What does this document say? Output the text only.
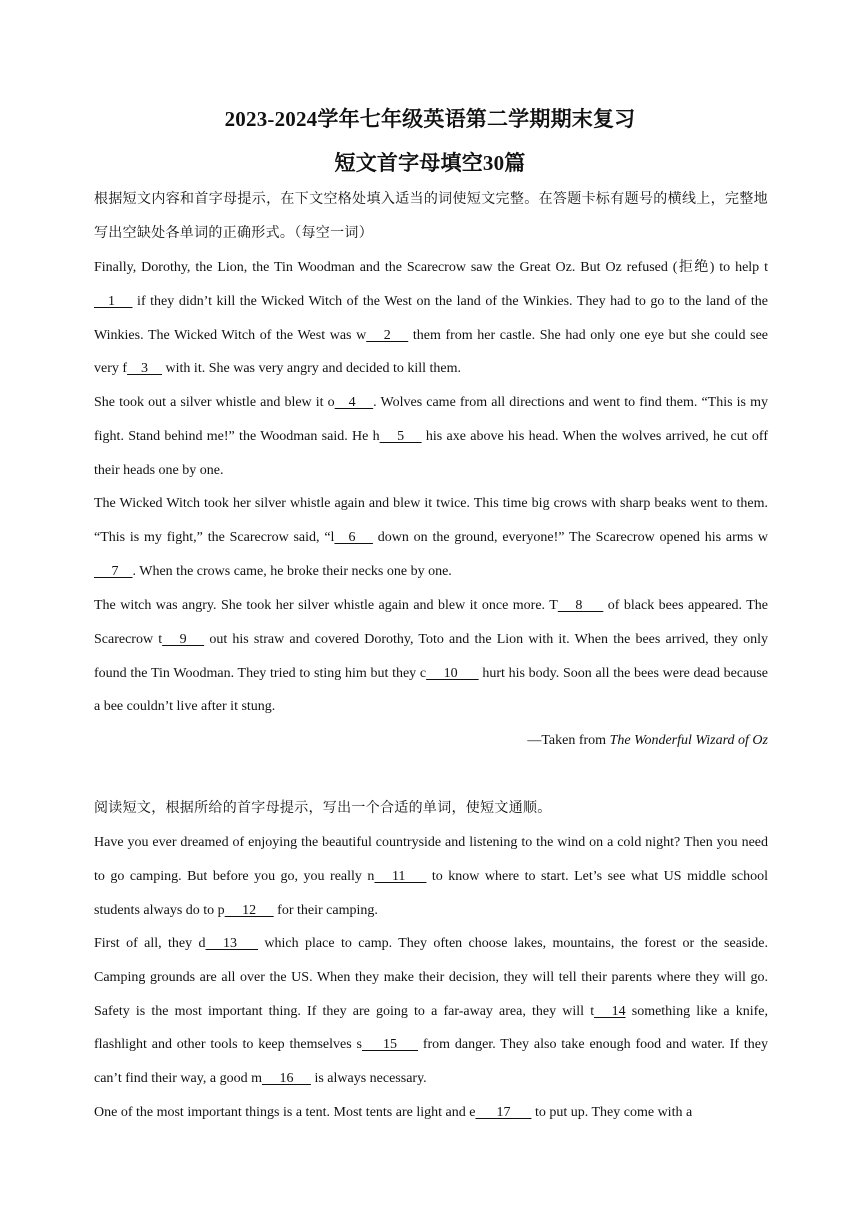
2023-2024学年七年级英语第二学期期末复习
短文首字母填空30篇
根据短文内容和首字母提示，在下文空格处填入适当的词使短文完整。在答题卡标有题号的横线上，完整地写出空缺处各单词的正确形式。（每空一词）
Finally, Dorothy, the Lion, the Tin Woodman and the Scarecrow saw the Great Oz. But Oz refused (拒绝) to help t    1      if they didn’t kill the Wicked Witch of the West on the land of the Winkies. They had to go to the land of the Winkies. The Wicked Witch of the West was w     2      them from her castle. She had only one eye but she could see very f    3     with it. She was very angry and decided to kill them.
She took out a silver whistle and blew it o    4     . Wolves came from all directions and went to find them. “This is my fight. Stand behind me!” the Woodman said. He h     5      his axe above his head. When the wolves arrived, he cut off their heads one by one.
The Wicked Witch took her silver whistle again and blew it twice. This time big crows with sharp beaks went to them. “This is my fight,” the Scarecrow said, “l    6      down on the ground, everyone!” The Scarecrow opened his arms w     7    . When the crows came, he broke their necks one by one.
The witch was angry. She took her silver whistle again and blew it once more. T     8       of black bees appeared. The Scarecrow t     9      out his straw and covered Dorothy, Toto and the Lion with it. When the bees arrived, they only found the Tin Woodman. They tried to sting him but they c     10       hurt his body. Soon all the bees were dead because a bee couldn’t live after it stung.
—Taken from The Wonderful Wizard of Oz
阅读短文，根据所给的首字母提示，写出一个合适的单词，使短文通顺。
Have you ever dreamed of enjoying the beautiful countryside and listening to the wind on a cold night? Then you need to go camping. But before you go, you really n     11       to know where to start. Let’s see what US middle school students always do to p     12      for their camping.
First of all, they d     13       which place to camp. They often choose lakes, mountains, the forest or the seaside. Camping grounds are all over the US. When they make their decision, they will tell their parents where they will go. Safety is the most important thing. If they are going to a far-away area, they will t     14 something like a knife, flashlight and other tools to keep themselves s      15       from danger. They also take enough food and water. If they can’t find their way, a good m     16      is always necessary.
One of the most important things is a tent. Most tents are light and e      17       to put up. They come with a
